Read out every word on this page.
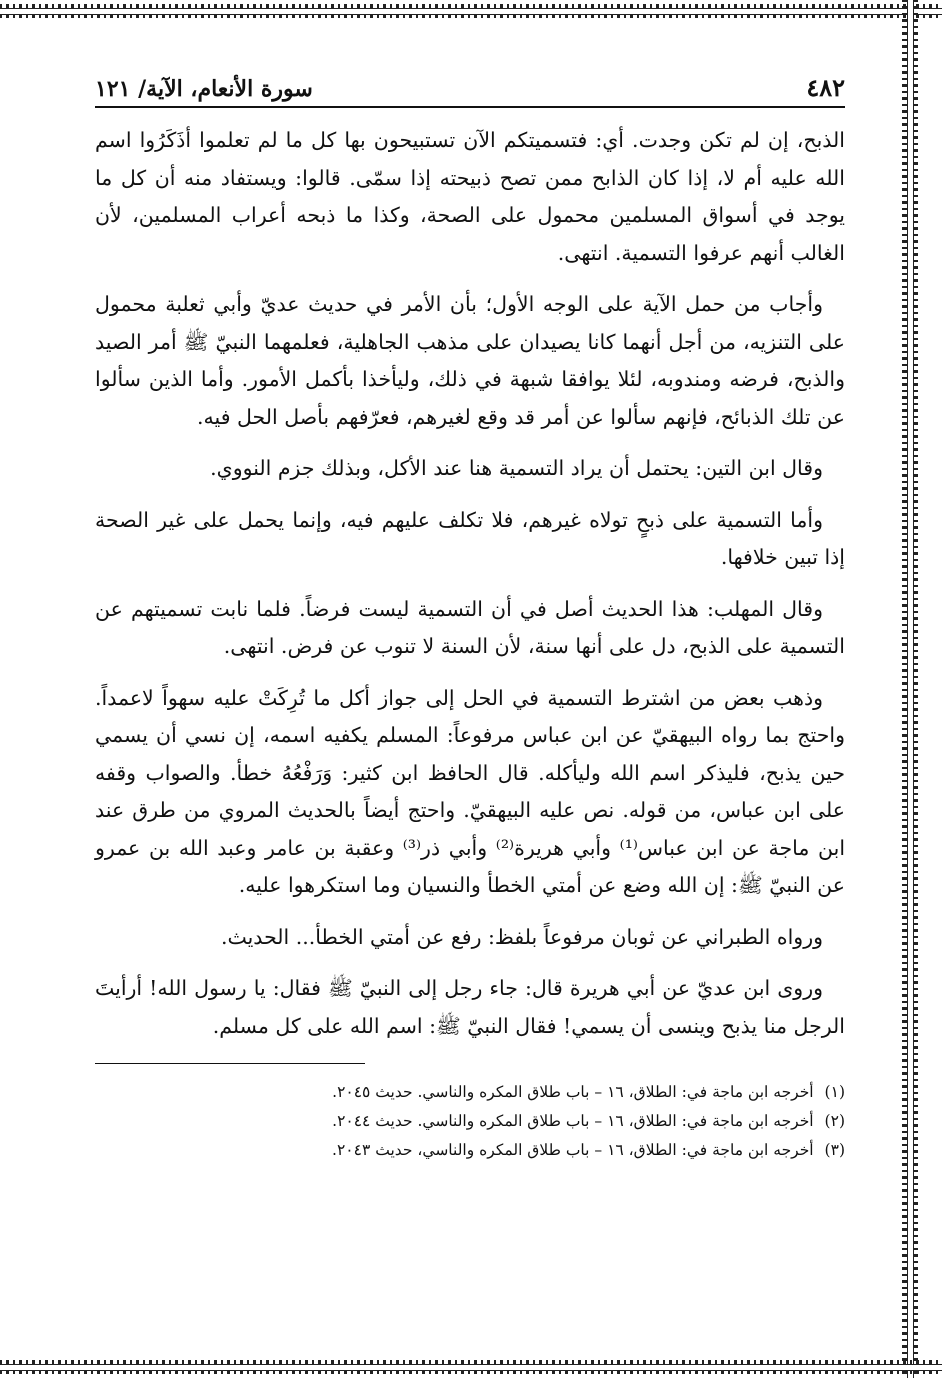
٤٨٢
سورة الأنعام، الآية/ ١٢١

الذبح، إن لم تكن وجدت. أي: فتسميتكم الآن تستبيحون بها كل ما لم تعلموا أذَكَرُوا اسم الله عليه أم لا، إذا كان الذابح ممن تصح ذبيحته إذا سمّى. قالوا: ويستفاد منه أن كل ما يوجد في أسواق المسلمين محمول على الصحة، وكذا ما ذبحه أعراب المسلمين، لأن الغالب أنهم عرفوا التسمية. انتهى.

وأجاب من حمل الآية على الوجه الأول؛ بأن الأمر في حديث عديّ وأبي ثعلبة محمول على التنزيه، من أجل أنهما كانا يصيدان على مذهب الجاهلية، فعلمهما النبيّ ﷺ أمر الصيد والذبح، فرضه ومندوبه، لئلا يوافقا شبهة في ذلك، وليأخذا بأكمل الأمور. وأما الذين سألوا عن تلك الذبائح، فإنهم سألوا عن أمر قد وقع لغيرهم، فعرّفهم بأصل الحل فيه.

وقال ابن التين: يحتمل أن يراد التسمية هنا عند الأكل، وبذلك جزم النووي.

وأما التسمية على ذبحٍ تولاه غيرهم، فلا تكلف عليهم فيه، وإنما يحمل على غير الصحة إذا تبين خلافها.

وقال المهلب: هذا الحديث أصل في أن التسمية ليست فرضاً. فلما نابت تسميتهم عن التسمية على الذبح، دل على أنها سنة، لأن السنة لا تنوب عن فرض. انتهى.

وذهب بعض من اشترط التسمية في الحل إلى جواز أكل ما تُرِكَتْ عليه سهواً لاعمداً. واحتج بما رواه البيهقيّ عن ابن عباس مرفوعاً: المسلم يكفيه اسمه، إن نسي أن يسمي حين يذبح، فليذكر اسم الله وليأكله. قال الحافظ ابن كثير: وَرَفْعُهُ خطأ. والصواب وقفه على ابن عباس، من قوله. نص عليه البيهقيّ. واحتج أيضاً بالحديث المروي من طرق عند ابن ماجة عن ابن عباس⁽¹⁾ وأبي هريرة⁽²⁾ وأبي ذر⁽³⁾ وعقبة بن عامر وعبد الله بن عمرو عن النبيّ ﷺ: إن الله وضع عن أمتي الخطأ والنسيان وما استكرهوا عليه.

ورواه الطبراني عن ثوبان مرفوعاً بلفظ: رفع عن أمتي الخطأ... الحديث.

وروى ابن عديّ عن أبي هريرة قال: جاء رجل إلى النبيّ ﷺ فقال: يا رسول الله! أرأيتَ الرجل منا يذبح وينسى أن يسمي! فقال النبيّ ﷺ: اسم الله على كل مسلم.

(١) أخرجه ابن ماجة في: الطلاق، ١٦ – باب طلاق المكره والناسي. حديث ٢٠٤٥.

(٢) أخرجه ابن ماجة في: الطلاق، ١٦ – باب طلاق المكره والناسي. حديث ٢٠٤٤.

(٣) أخرجه ابن ماجة في: الطلاق، ١٦ – باب طلاق المكره والناسي، حديث ٢٠٤٣.
